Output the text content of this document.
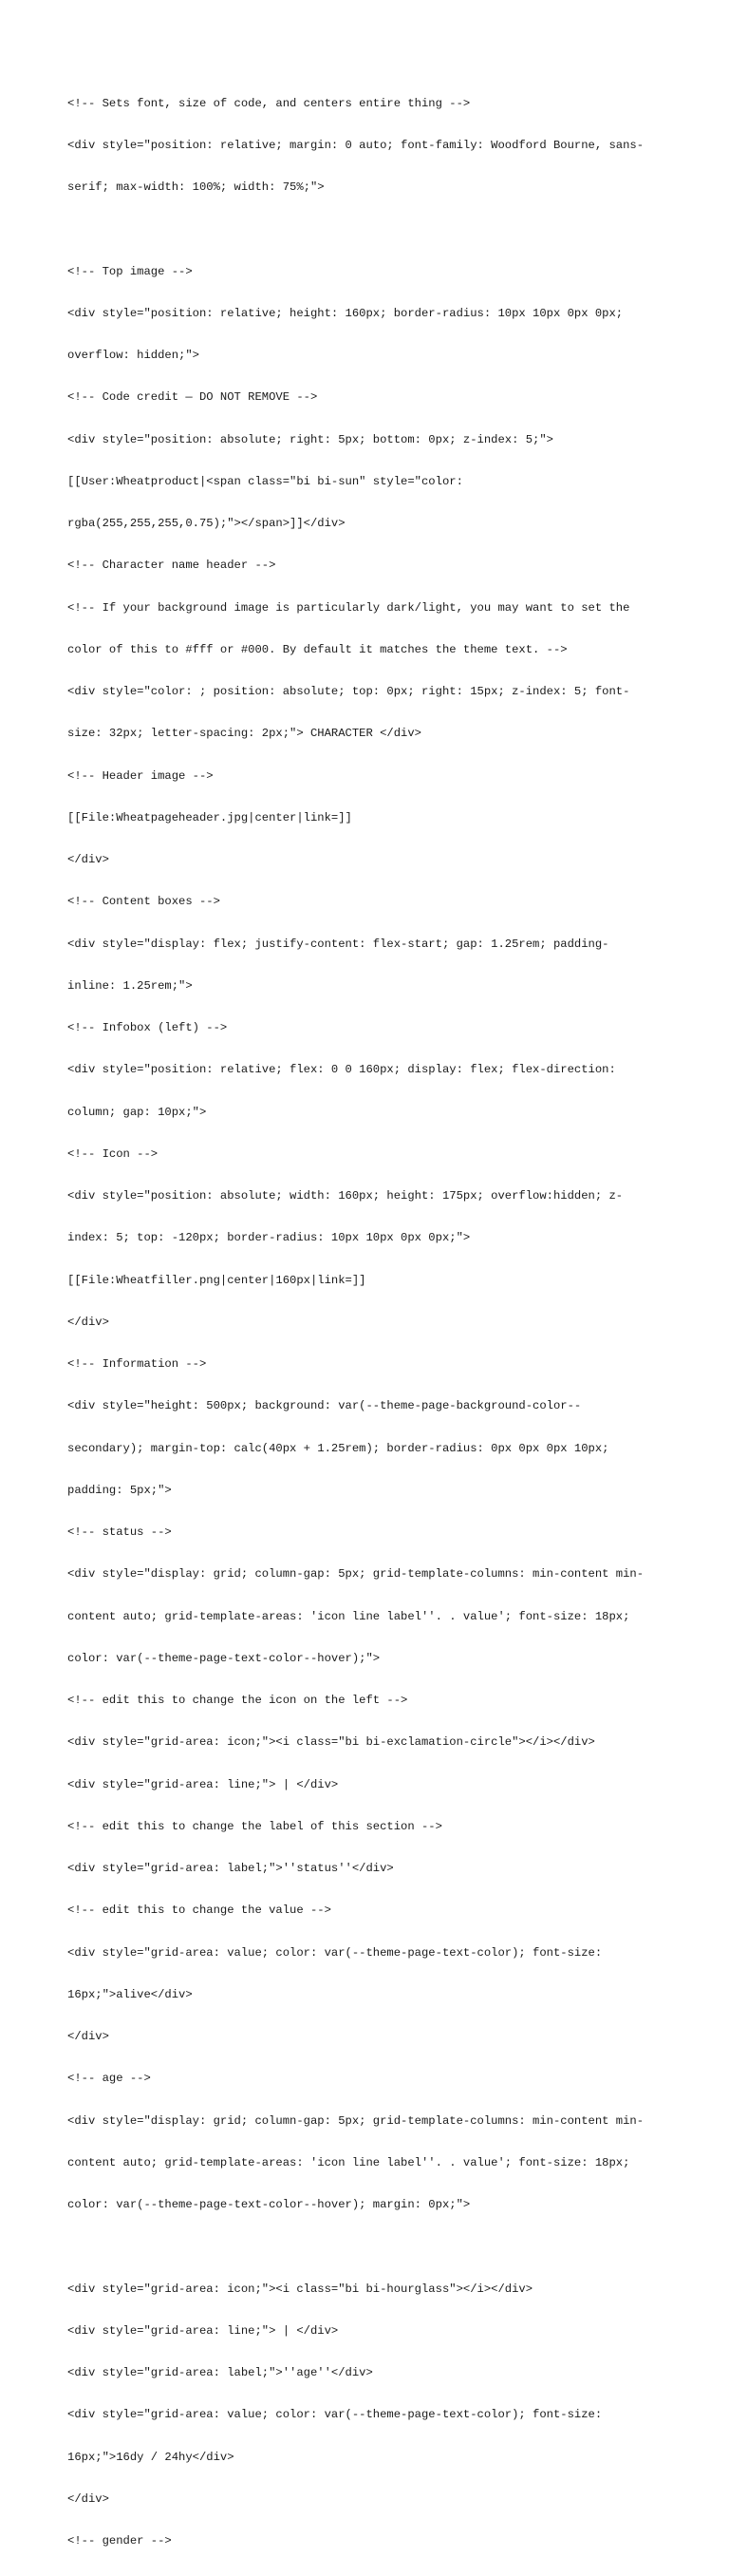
<!-- Sets font, size of code, and centers entire thing -->

<div style="position: relative; margin: 0 auto; font-family: Woodford Bourne, sans-

serif; max-width: 100%; width: 75%;">

<!-- Top image -->

<div style="position: relative; height: 160px; border-radius: 10px 10px 0px 0px;

overflow: hidden;">

<!-- Code credit — DO NOT REMOVE -->

<div style="position: absolute; right: 5px; bottom: 0px; z-index: 5;">

[[User:Wheatproduct|<span class="bi bi-sun" style="color:

rgba(255,255,255,0.75);"></span>]]</div>

<!-- Character name header -->

<!-- If your background image is particularly dark/light, you may want to set the

color of this to #fff or #000. By default it matches the theme text. -->

<div style="color: ; position: absolute; top: 0px; right: 15px; z-index: 5; font-

size: 32px; letter-spacing: 2px;"> CHARACTER </div>

<!-- Header image -->

[[File:Wheatpageheader.jpg|center|link=]]

</div>

<!-- Content boxes -->

<div style="display: flex; justify-content: flex-start; gap: 1.25rem; padding-

inline: 1.25rem;">

<!-- Infobox (left) -->

<div style="position: relative; flex: 0 0 160px; display: flex; flex-direction:

column; gap: 10px;">

<!-- Icon -->

<div style="position: absolute; width: 160px; height: 175px; overflow:hidden; z-

index: 5; top: -120px; border-radius: 10px 10px 0px 0px;">

[[File:Wheatfiller.png|center|160px|link=]]

</div>

<!-- Information -->

<div style="height: 500px; background: var(--theme-page-background-color--

secondary); margin-top: calc(40px + 1.25rem); border-radius: 0px 0px 0px 10px;

padding: 5px;">

<!-- status -->

<div style="display: grid; column-gap: 5px; grid-template-columns: min-content min-

content auto; grid-template-areas: 'icon line label''. . value'; font-size: 18px;

color: var(--theme-page-text-color--hover);">

<!-- edit this to change the icon on the left -->

<div style="grid-area: icon;"><i class="bi bi-exclamation-circle"></i></div>

<div style="grid-area: line;"> | </div>

<!-- edit this to change the label of this section -->

<div style="grid-area: label;">''status''</div>

<!-- edit this to change the value -->

<div style="grid-area: value; color: var(--theme-page-text-color); font-size:

16px;">alive</div>

</div>

<!-- age -->

<div style="display: grid; column-gap: 5px; grid-template-columns: min-content min-

content auto; grid-template-areas: 'icon line label''. . value'; font-size: 18px;

color: var(--theme-page-text-color--hover); margin: 0px;">

<div style="grid-area: icon;"><i class="bi bi-hourglass"></i></div>

<div style="grid-area: line;"> | </div>

<div style="grid-area: label;">''age''</div>

<div style="grid-area: value; color: var(--theme-page-text-color); font-size:

16px;">16dy / 24hy</div>

</div>

<!-- gender -->
